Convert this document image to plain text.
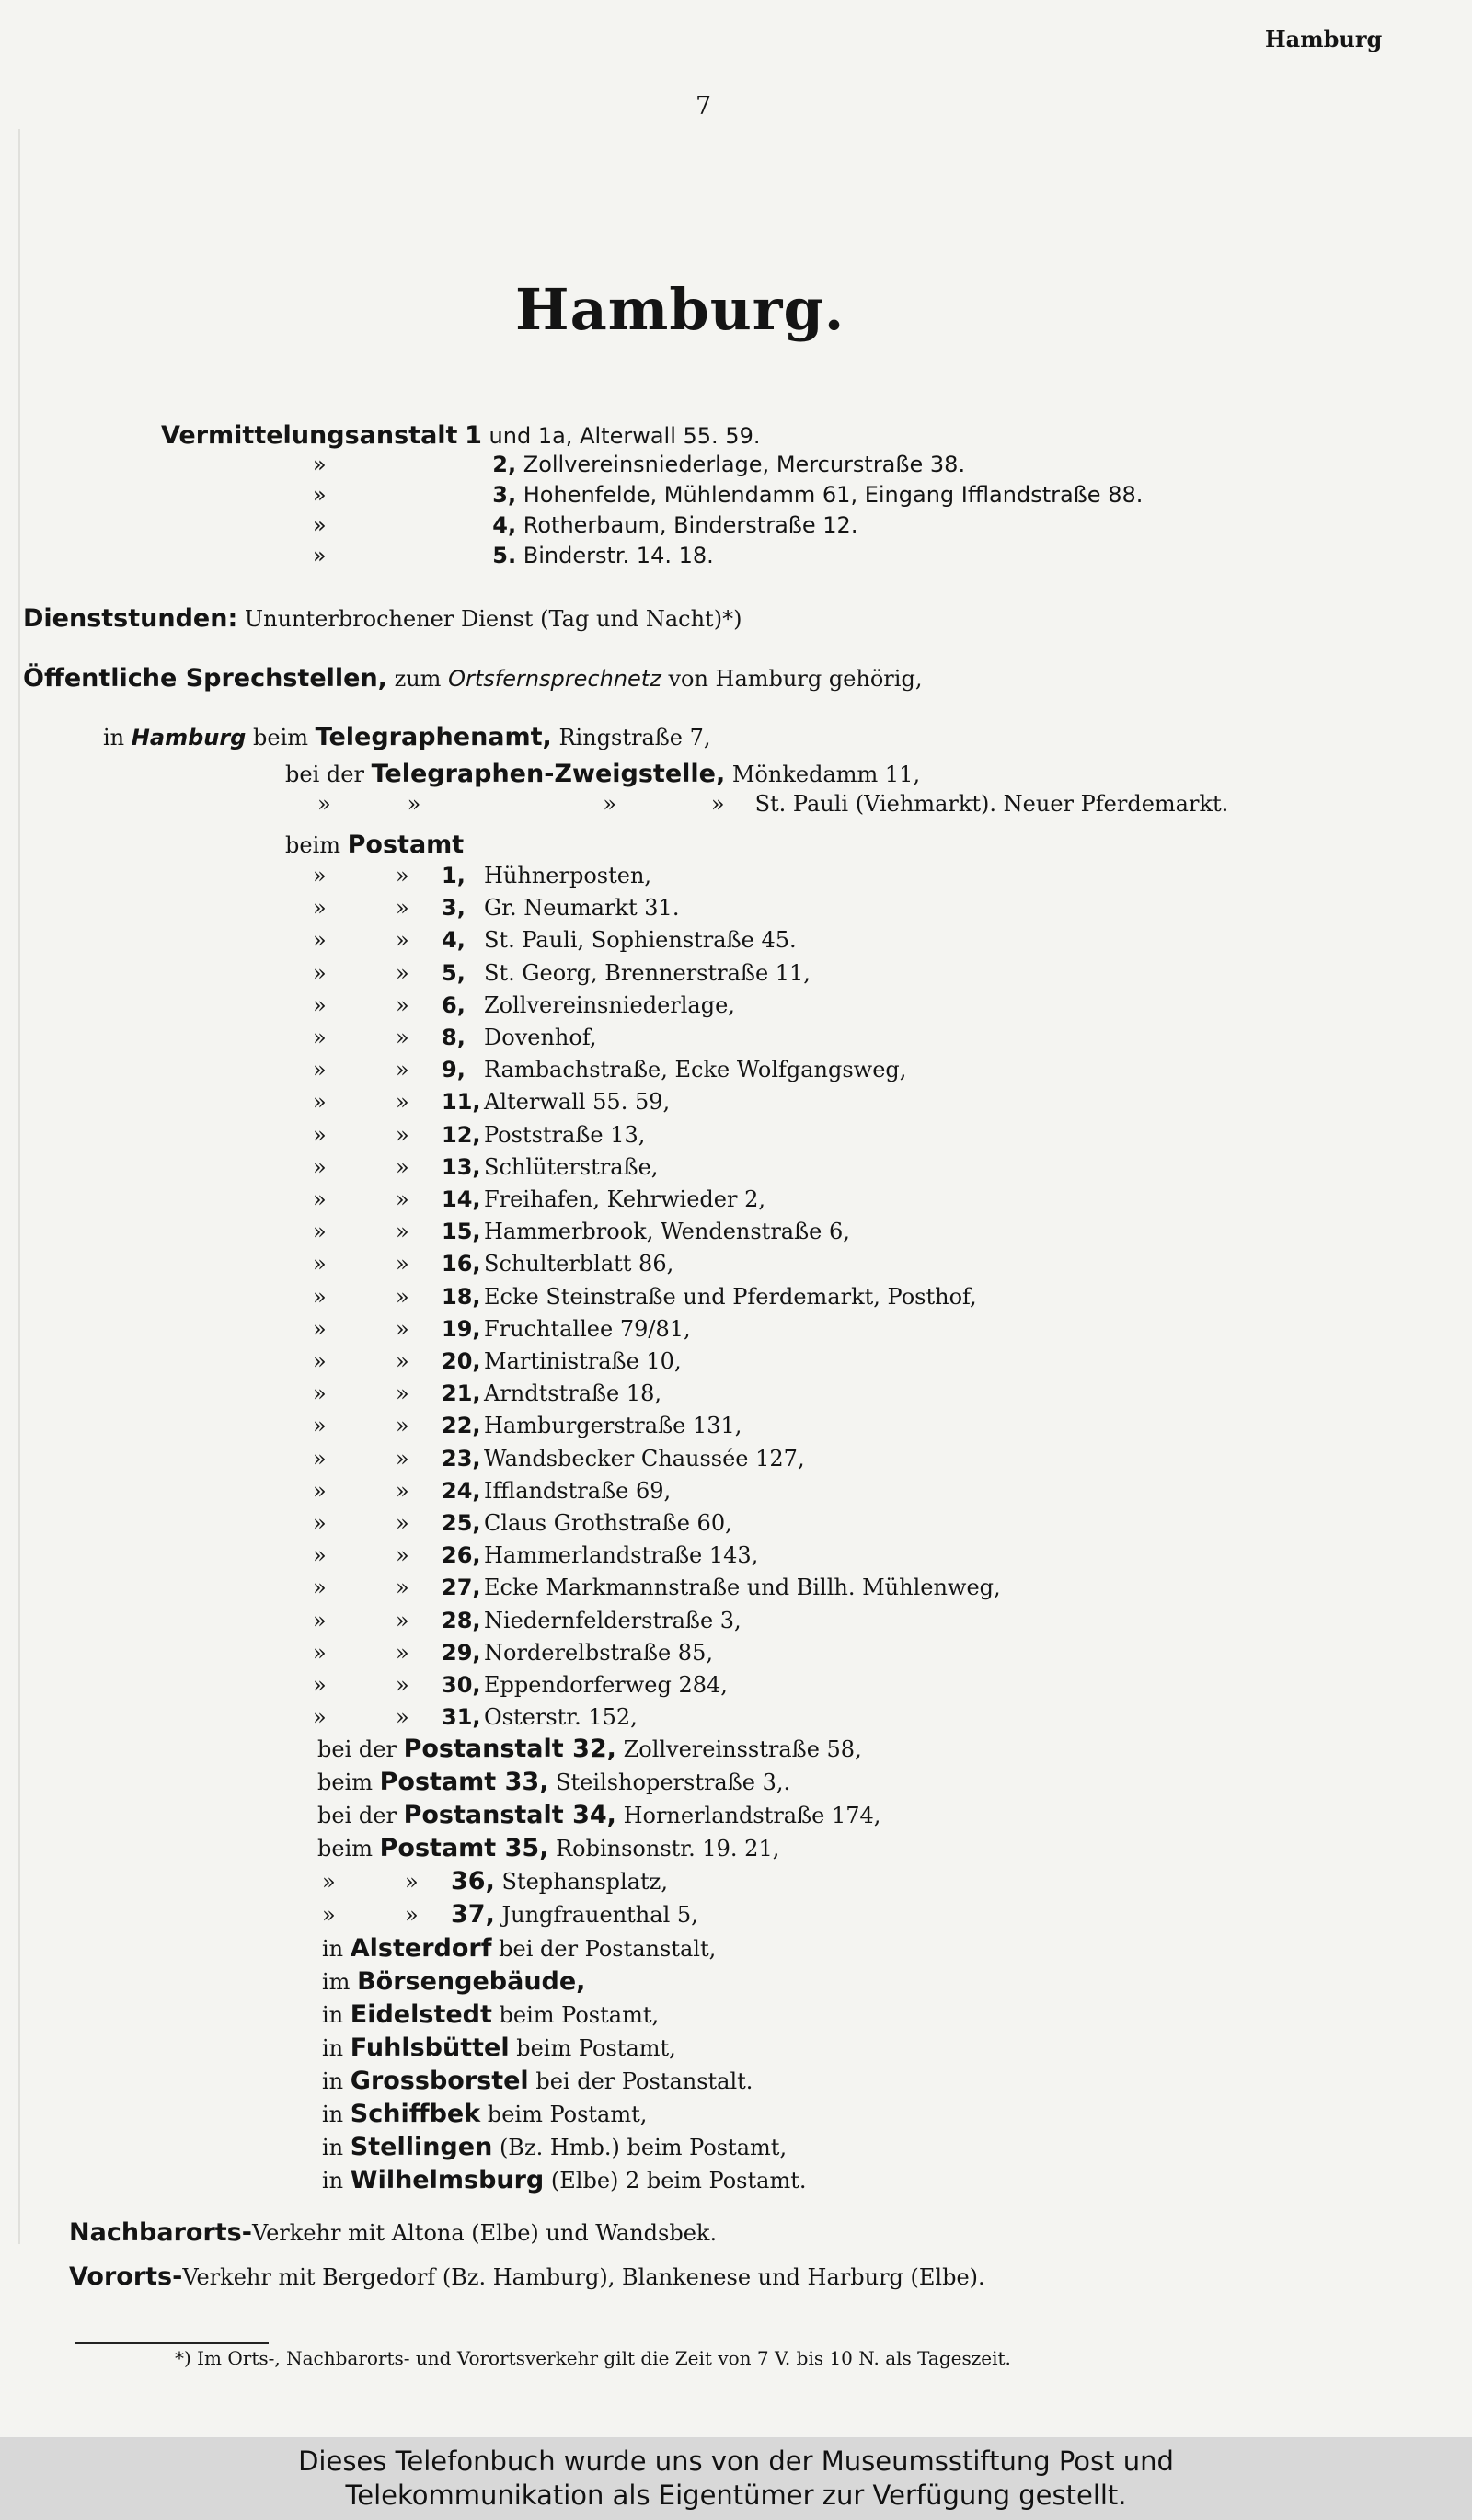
Hamburg
7
Hamburg.
Vermittelungsanstalt 1 und 1a, Alterwall 55. 59.
»	2, Zollvereinsniederlage, Mercurstraße 38.
»	3, Hohenfelde, Mühlendamm 61, Eingang Ifflandstraße 88.
»	4, Rotherbaum, Binderstraße 12.
»	5. Binderstr. 14. 18.
Dienststunden: Ununterbrochener Dienst (Tag und Nacht)*)
Öffentliche Sprechstellen, zum Ortsfernsprechnetz von Hamburg gehörig,
in Hamburg beim Telegraphenamt, Ringstraße 7,
bei der Telegraphen-Zweigstelle, Mönkedamm 11,
»	»	»	» St. Pauli (Viehmarkt). Neuer Pferdemarkt.
beim Postamt
»	» 1, Hühnerposten,
»	» 3, Gr. Neumarkt 31.
»	» 4, St. Pauli, Sophienstraße 45.
»	» 5, St. Georg, Brennerstraße 11,
»	» 6, Zollvereinsniederlage,
»	» 8, Dovenhof,
»	» 9, Rambachstraße, Ecke Wolfgangsweg,
»	» 11, Alterwall 55. 59,
»	» 12, Poststraße 13,
»	» 13, Schlüterstraße,
»	» 14, Freihafen, Kehrwieder 2,
»	» 15, Hammerbrook, Wendenstraße 6,
»	» 16, Schulterblatt 86,
»	» 18, Ecke Steinstraße und Pferdemarkt, Posthof,
»	» 19, Fruchtallee 79/81,
»	» 20, Martinistraße 10,
»	» 21, Arndtstraße 18,
»	» 22, Hamburgerstraße 131,
»	» 23, Wandsbecker Chaussée 127,
»	» 24, Ifflandstraße 69,
»	» 25, Claus Grothstraße 60,
»	» 26, Hammerlandstraße 143,
»	» 27, Ecke Markmannstraße und Billh. Mühlenweg,
»	» 28, Niedernfelderstraße 3,
»	» 29, Norderelbstraße 85,
»	» 30, Eppendorferweg 284,
»	» 31, Osterstr. 152,
bei der Postanstalt 32, Zollvereinsstraße 58,
beim Postamt 33, Steilshoperstraße 3,.
bei der Postanstalt 34, Hornerlandstraße 174,
beim Postamt 35, Robinsonstr. 19. 21,
»	» 36, Stephansplatz,
»	» 37, Jungfrauenthal 5,
in Alsterdorf bei der Postanstalt,
im Börsengebäude,
in Eidelstedt beim Postamt,
in Fuhlsbüttel beim Postamt,
in Grossborstel bei der Postanstalt.
in Schiffbek beim Postamt,
in Stellingen (Bz. Hmb.) beim Postamt,
in Wilhelmsburg (Elbe) 2 beim Postamt.
Nachbarorts-Verkehr mit Altona (Elbe) und Wandsbek.
Vororts-Verkehr mit Bergedorf (Bz. Hamburg), Blankenese und Harburg (Elbe).
*) Im Orts-, Nachbarorts- und Vorortsverkehr gilt die Zeit von 7 V. bis 10 N. als Tageszeit.
Dieses Telefonbuch wurde uns von der Museumsstiftung Post und
Telekommunikation als Eigentümer zur Verfügung gestellt.
